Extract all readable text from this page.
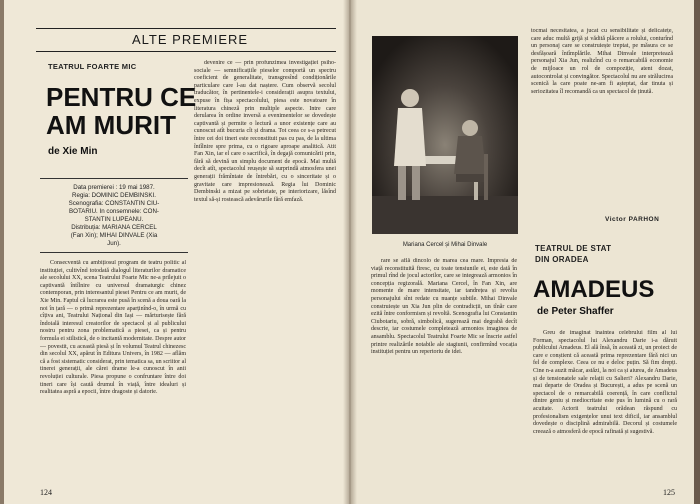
ALTE PREMIERE
TEATRUL FOARTE MIC
PENTRU CE
AM MURIT
de Xie Min
Data premierei : 19 mai 1987.
Regia: DOMINIC DEMBINSKI.
Scenografia: CONSTANTIN CIU-
BOTARIU. In consemnele: CON-
STANTIN LUPEANU.
Distribuția: MARIANA CERCEL
(Fan Xin); MIHAI DINVALE (Xia
Jun).
Consecventă cu ambițiosul program de teatru politic al instituției, cultivînd totodată dialogul literaturilor dramatice ale secolului XX, scena Teatrului Foarte Mic ne-a prilejuit o captivantă întîlnire cu universul dramaturgic chinez contemporan, prin interesantul piesei Pentru ce am murit, de Xie Min. Faptul că lucrarea este pusă în scenă a doua oară la noi în țară — o primă reprezentare aparținînd-o, în urmă cu cîțiva ani, Teatrului Național din Iași — mărturisește fără îndoială interesul creatorilor de spectacol și al publicului nostru pentru zona problematică a piesei, ca și pentru formula ei stilistică, de o incitantă modernitate. Despre autor — povestit, cu această piesă și în volumul Teatrul chinezesc din secolul XX, apărut în Editura Univers, în 1982 — aflăm că a fost sistematic considerat, prin tematica sa, un scriitor al tinerei generații, ale cărei drame le-a cunoscut în anii revoluției culturale. Piesa propune o confruntare între doi tineri care își caută drumul în viață, între idealuri și realitatea aspră a epocii, între dragoste și datorie.
devenire ce — prin profunzimea investigației psiho-sociale — semnificațiile pieselor comportă un spectru coeficient de generalitate, transgresînd condiționările particulare care l-au dat naștere. Cum observă secolul traducător, în pertinentele-i considerații asupra textului, expuse în fișa spectacolului, piesa este novatoare în literatura chineză prin multiple aspecte. Intre care derularea în ordine inversă a evenimentelor se dovedește captivantă și permite o lectură a unor existențe care au cunoscut atît bucuria cît și drama. Tot ceea ce s-a petrecut între cei doi tineri este reconstituit pas cu pas, de la ultima întîlnire spre prima, cu o rigoare aproape analitică. Atit Fan Xin, iar el care o sacrifică, în degajă comunicării prin, fără să devină un simplu document de epocă. Mai multă decît atît, spectacolul reușește să surprindă atmosfera unei generații frămîntate de întrebări, cu o sinceritate și o gravitate care impresionează. Regia lui Dominic Dembinski a mizat pe sobrietate, pe interiorizare, lăsînd textul să-și rostească adevărurile fără emfază.
124
tocmai necesitatea, a jucat cu sensibilitate și delicatețe, care aduc multă grijă și vădită plăcere a rolului, conturînd un personaj care se construiește treptat, pe măsura ce se desfășoară întîmplările. Mihai Dinvale interpretează personajul Xia Jun, realizînd cu o remarcabilă economie de mijloace un rol de compoziție, atent dozat, autocontrolat și convingător. Spectacolul nu are strălucirea scenică la care poate ne-am fi așteptat, dar tinuta și seriozitatea îl recomandă ca un spectacol de ținută.
Victor PARHON
rare se află dincolo de marea cea mare. Impresia de viață reconstituită firesc, cu toate tensiunile ei, este dată în primul rînd de jocul actorilor, care se integrează armonios în concepția regizorală. Mariana Cercel, în Fan Xin, are momente de mare intensitate, iar tandrețea și revolta personajului sînt redate cu nuanțe subtile. Mihai Dinvale construiește un Xia Jun plin de contradicții, un tînăr care ezită între conformism și revoltă. Scenografia lui Constantin Ciubotariu, sobră, simbolică, sugerează mai degrabă decît descrie, iar costumele completează armonios imaginea de ansamblu. Spectacolul Teatrului Foarte Mic se înscrie astfel printre realizările notabile ale stagiunii, confirmînd vocația instituției pentru un repertoriu de idei.
TEATRUL DE STAT
DIN ORADEA
AMADEUS
de Peter Shaffer
Greu de imaginat înaintea celebrului film al lui Forman, spectacolul lui Alexandru Darie i-a dăruit publicului Amadeus. El ală însă, în această zi, un proiect de care e conștient că această prima reprezentare fără nici un fel de complexe. Ceea ce nu e deloc puțin. Să fim drepți. Cine n-a auzit măcar, astăzi, la noi ca și aiurea, de Amadeus și de tensionatele sale relații cu Salieri? Alexandru Darie, mai departe de Oradea și București, a adus pe scenă un spectacol de o remarcabilă coerență, în care conflictul dintre geniu și mediocritate este pus în lumină cu o rară acuitate. Actorii teatrului orădean răspund cu profesionalism exigențelor unui text dificil, iar ansamblul dovedește o disciplină admirabilă. Decorul și costumele creează o atmosferă de epocă rafinată și sugestivă.
125
Mariana Cercel și Mihai Dinvale
